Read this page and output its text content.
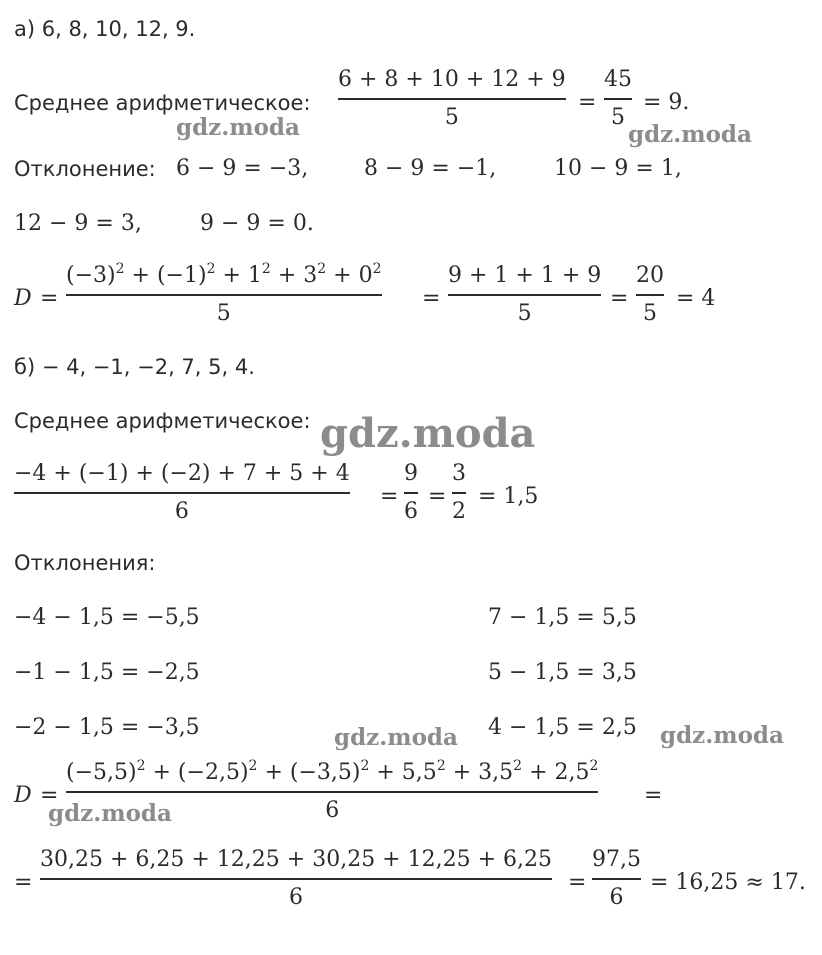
а) 6, 8, 10, 12, 9.
Среднее арифметическое:
6 + 8 + 10 + 12 + 9
5
=
45
5
= 9.
Отклонение: 6 − 9 = −3,	8 − 9 = −1,	10 − 9 = 1,
12 − 9 = 3,	9 − 9 = 0.
D =
$(-3)^2 + (-1)^2 + 1^2 + 3^2 + 0^2$
5
=
9 + 1 + 1 + 9
5
=
20
5
= 4
б) − 4, −1, −2, 7, 5, 4.
Среднее арифметическое:
−4 + (−1) + (−2) + 7 + 5 + 4
6
=
9
6
=
3
2
= 1,5
Отклонения:
−4 − 1,5 = −5,5	7 − 1,5 = 5,5
−1 − 1,5 = −2,5	5 − 1,5 = 3,5
−2 − 1,5 = −3,5	4 − 1,5 = 2,5
D =
$(-5,5)^2 + (-2,5)^2 + (-3,5)^2 + 5,5^2 + 3,5^2 + 2,5^2$
6
=
=
30,25 + 6,25 + 12,25 + 30,25 + 12,25 + 6,25
6
=
97,5
6
= 16,25 ≈ 17.
gdz.moda	gdz.moda
gdz.moda
gdz.moda	gdz.moda
gdz.moda
